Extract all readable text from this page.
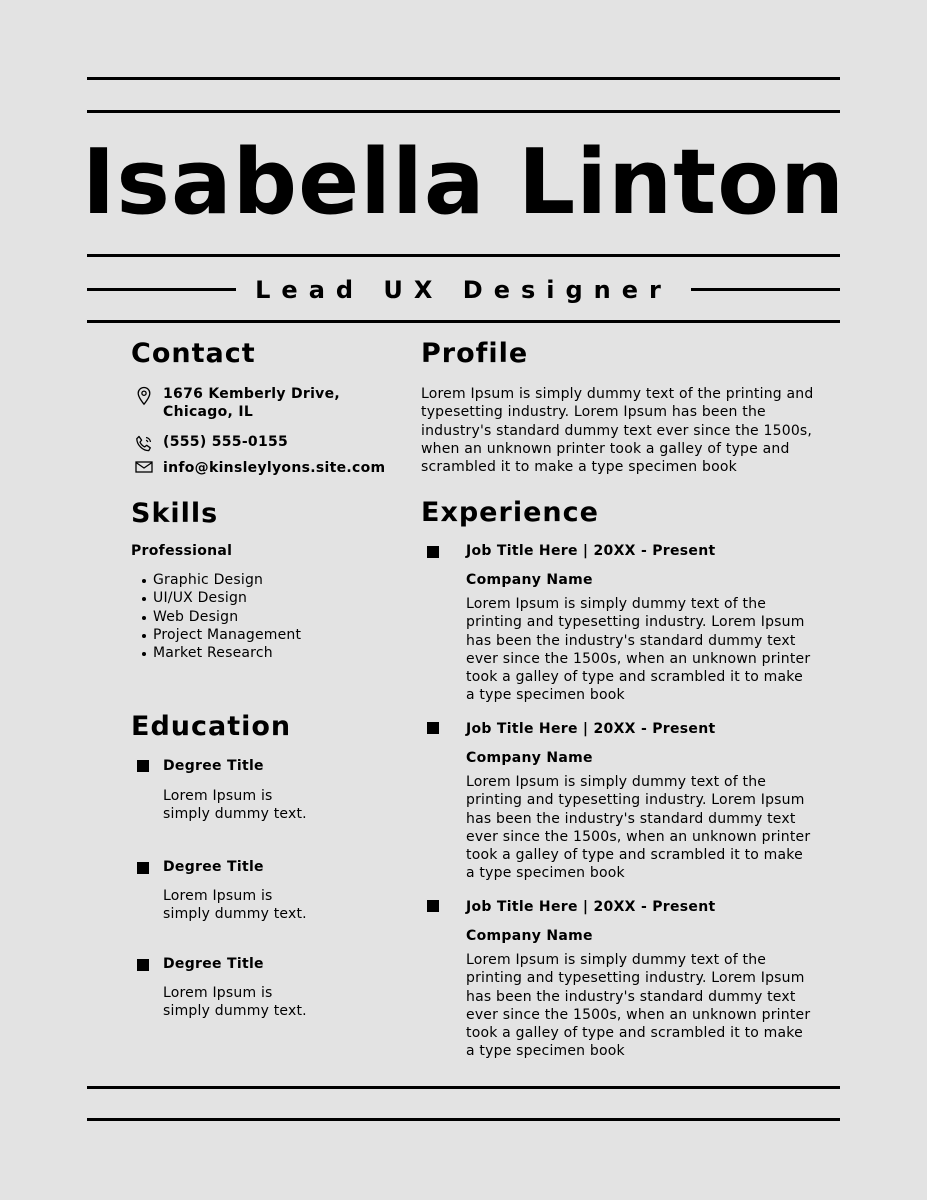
Isabella Linton
Lead UX Designer
Contact
1676 Kemberly Drive,
Chicago, IL
(555) 555-0155
info@kinsleylyons.site.com
Skills
Professional
Graphic Design
UI/UX Design
Web Design
Project Management
Market Research
Education
Degree Title
Lorem Ipsum is
simply dummy text.
Degree Title
Lorem Ipsum is
simply dummy text.
Degree Title
Lorem Ipsum is
simply dummy text.
Profile
Lorem Ipsum is simply dummy text of the printing and
typesetting industry. Lorem Ipsum has been the
industry's standard dummy text ever since the 1500s,
when an unknown printer took a galley of type and
scrambled it to make a type specimen book
Experience
Job Title Here | 20XX - Present
Company Name
Lorem Ipsum is simply dummy text of the
printing and typesetting industry. Lorem Ipsum
has been the industry's standard dummy text
ever since the 1500s, when an unknown printer
took a galley of type and scrambled it to make
a type specimen book
Job Title Here | 20XX - Present
Company Name
Lorem Ipsum is simply dummy text of the
printing and typesetting industry. Lorem Ipsum
has been the industry's standard dummy text
ever since the 1500s, when an unknown printer
took a galley of type and scrambled it to make
a type specimen book
Job Title Here | 20XX - Present
Company Name
Lorem Ipsum is simply dummy text of the
printing and typesetting industry. Lorem Ipsum
has been the industry's standard dummy text
ever since the 1500s, when an unknown printer
took a galley of type and scrambled it to make
a type specimen book
